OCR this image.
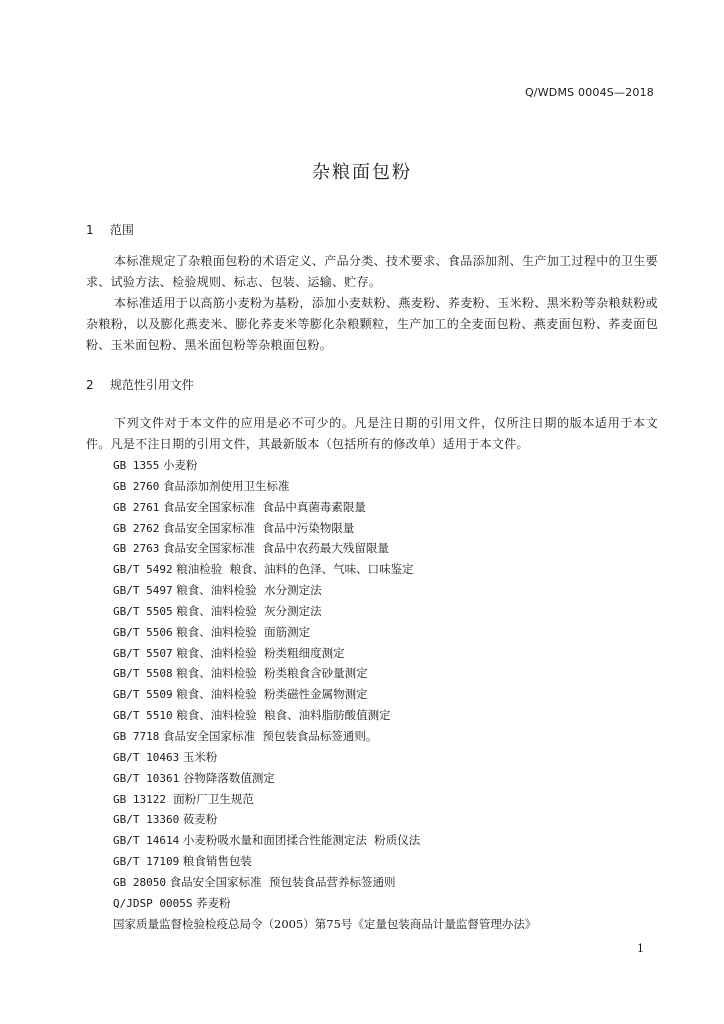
Q/WDMS 0004S—2018
杂粮面包粉
1 范围

本标准规定了杂粮面包粉的术语定义、产品分类、技术要求、食品添加剂、生产加工过程中的卫生要求、试验方法、检验规则、标志、包装、运输、贮存。

本标准适用于以高筋小麦粉为基粉，添加小麦麸粉、燕麦粉、荞麦粉、玉米粉、黑米粉等杂粮麸粉或杂粮粉，以及膨化燕麦米、膨化荞麦米等膨化杂粮颗粒，生产加工的全麦面包粉、燕麦面包粉、荞麦面包粉、玉米面包粉、黑米面包粉等杂粮面包粉。

2 规范性引用文件

下列文件对于本文件的应用是必不可少的。凡是注日期的引用文件，仅所注日期的版本适用于本文件。凡是不注日期的引用文件，其最新版本（包括所有的修改单）适用于本文件。

GB 1355 小麦粉
GB 2760 食品添加剂使用卫生标准
GB 2761 食品安全国家标准  食品中真菌毒素限量
GB 2762 食品安全国家标准  食品中污染物限量
GB 2763 食品安全国家标准  食品中农药最大残留限量
GB/T 5492 粮油检验  粮食、油料的色泽、气味、口味鉴定
GB/T 5497 粮食、油料检验  水分测定法
GB/T 5505 粮食、油料检验  灰分测定法
GB/T 5506 粮食、油料检验  面筋测定
GB/T 5507 粮食、油料检验  粉类粗细度测定
GB/T 5508 粮食、油料检验  粉类粮食含砂量测定
GB/T 5509 粮食、油料检验  粉类磁性金属物测定
GB/T 5510 粮食、油料检验  粮食、油料脂肪酸值测定
GB 7718 食品安全国家标准  预包装食品标签通则。
GB/T 10463 玉米粉
GB/T 10361 谷物降落数值测定
GB 13122  面粉厂卫生规范
GB/T 13360 莜麦粉
GB/T 14614 小麦粉吸水量和面团揉合性能测定法  粉质仪法
GB/T 17109 粮食销售包装
GB 28050 食品安全国家标准  预包装食品营养标签通则
Q/JDSP 0005S 荞麦粉
国家质量监督检验检疫总局令（2005）第75号《定量包装商品计量监督管理办法》
1
